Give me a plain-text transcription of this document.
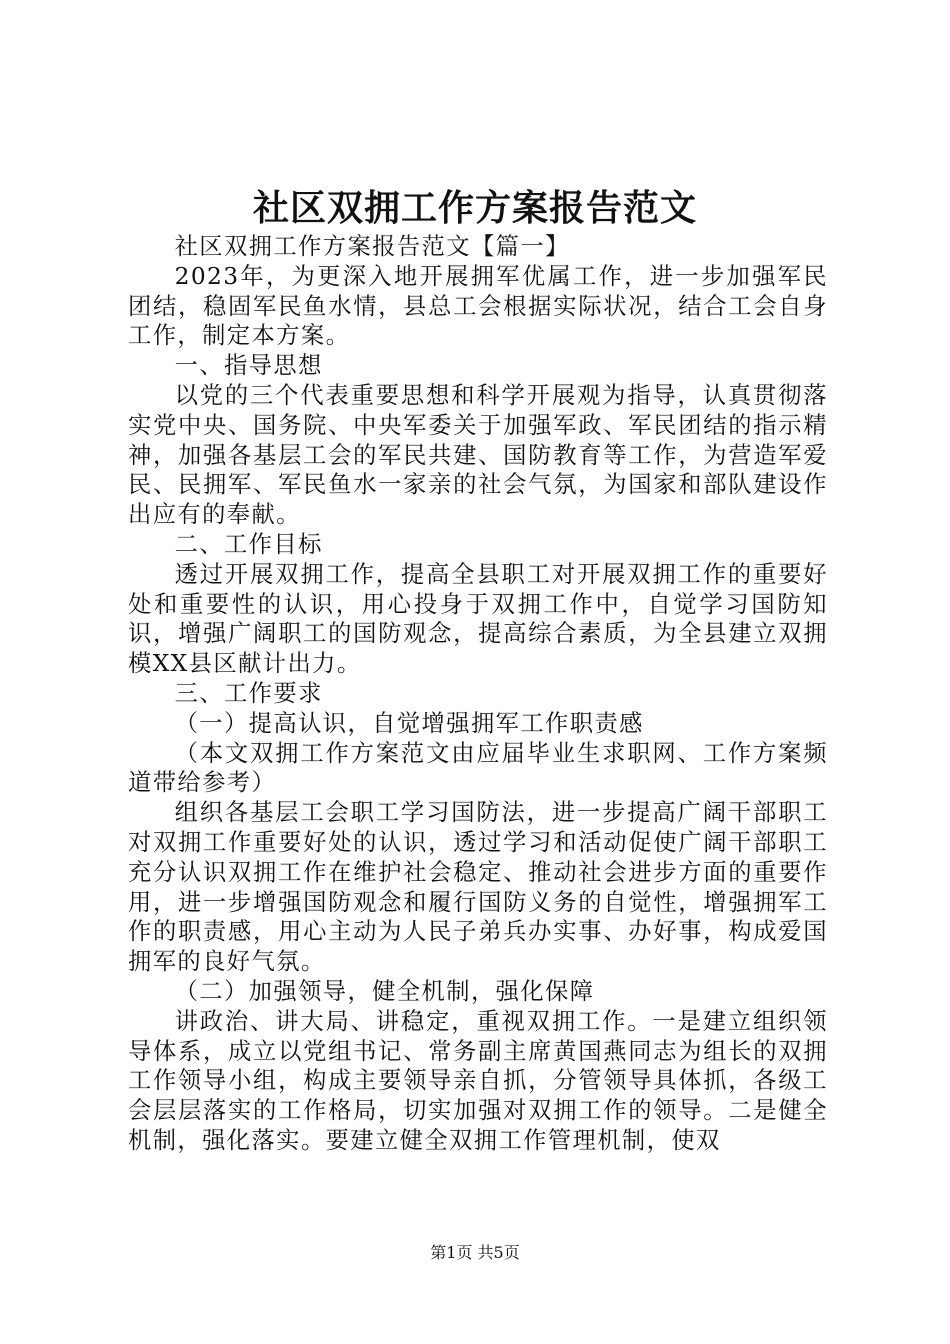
社区双拥工作方案报告范文

社区双拥工作方案报告范文【篇一】

2023年，为更深入地开展拥军优属工作，进一步加强军民团结，稳固军民鱼水情，县总工会根据实际状况，结合工会自身工作，制定本方案。

一、指导思想

以党的三个代表重要思想和科学开展观为指导，认真贯彻落实党中央、国务院、中央军委关于加强军政、军民团结的指示精神，加强各基层工会的军民共建、国防教育等工作，为营造军爱民、民拥军、军民鱼水一家亲的社会气氛，为国家和部队建设作出应有的奉献。

二、工作目标

透过开展双拥工作，提高全县职工对开展双拥工作的重要好处和重要性的认识，用心投身于双拥工作中，自觉学习国防知识，增强广阔职工的国防观念，提高综合素质，为全县建立双拥模XX县区献计出力。

三、工作要求

（一）提高认识，自觉增强拥军工作职责感

（本文双拥工作方案范文由应届毕业生求职网、工作方案频道带给参考）

组织各基层工会职工学习国防法，进一步提高广阔干部职工对双拥工作重要好处的认识，透过学习和活动促使广阔干部职工充分认识双拥工作在维护社会稳定、推动社会进步方面的重要作用，进一步增强国防观念和履行国防义务的自觉性，增强拥军工作的职责感，用心主动为人民子弟兵办实事、办好事，构成爱国拥军的良好气氛。

（二）加强领导，健全机制，强化保障

讲政治、讲大局、讲稳定，重视双拥工作。一是建立组织领导体系，成立以党组书记、常务副主席黄国燕同志为组长的双拥工作领导小组，构成主要领导亲自抓，分管领导具体抓，各级工会层层落实的工作格局，切实加强对双拥工作的领导。二是健全机制，强化落实。要建立健全双拥工作管理机制，使双

第1页 共5页
